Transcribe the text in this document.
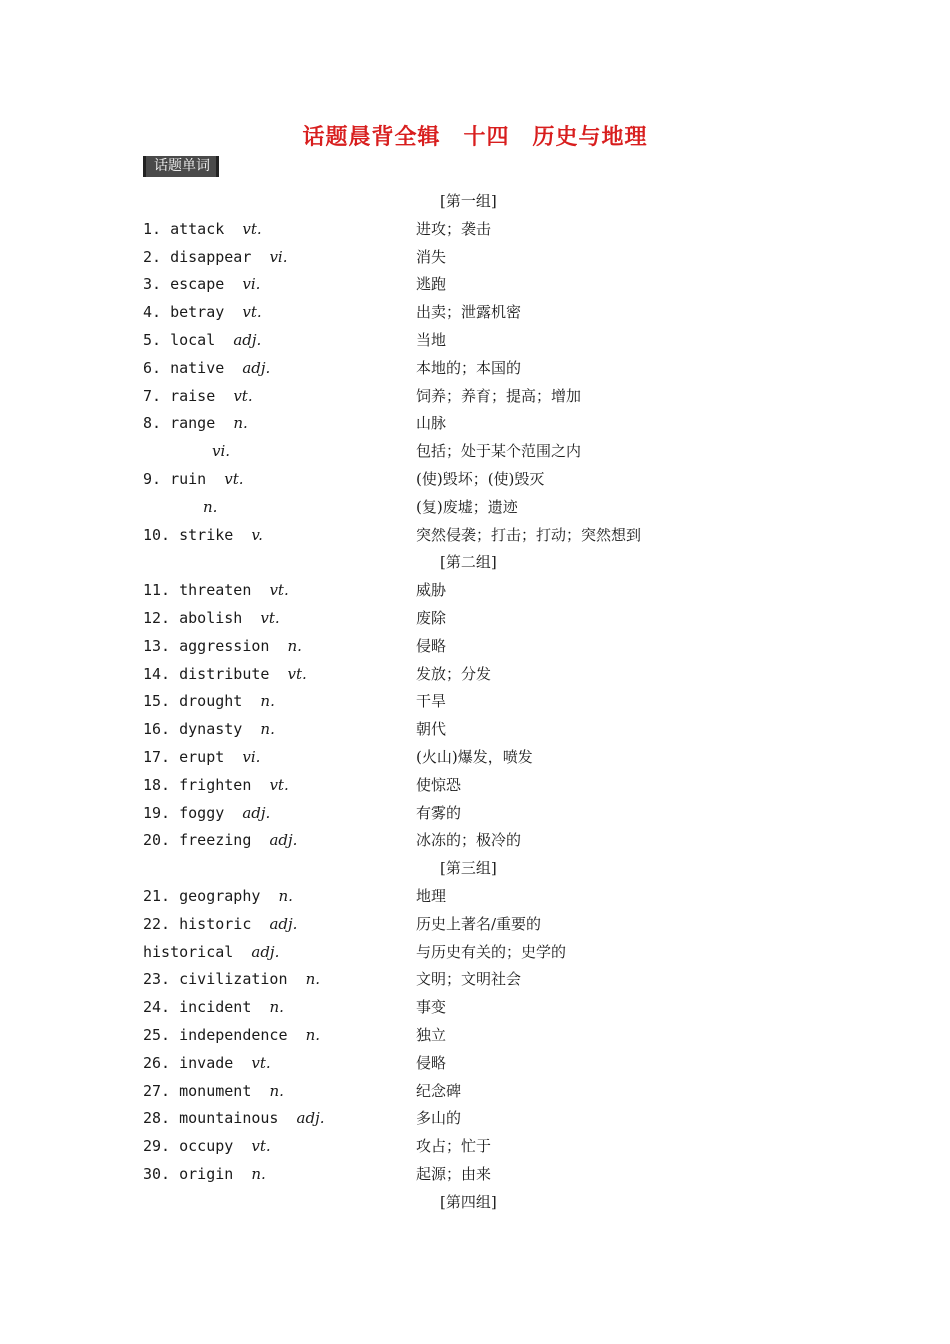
话题晨背全辑　十四　历史与地理
话题单词
[第一组]
1. attack vt.	进攻；袭击
2. disappear vi.	消失
3. escape vi.	逃跑
4. betray vt.	出卖；泄露机密
5. local adj.	当地
6. native adj.	本地的；本国的
7. raise vt.	饲养；养育；提高；增加
8. range n.	山脉
vi.	包括；处于某个范围之内
9. ruin vt.	(使)毁坏；(使)毁灭
n.	(复)废墟；遗迹
10. strike v.	突然侵袭；打击；打动；突然想到
[第二组]
11. threaten vt.	威胁
12. abolish vt.	废除
13. aggression n.	侵略
14. distribute vt.	发放；分发
15. drought n.	干旱
16. dynasty n.	朝代
17. erupt vi.	(火山)爆发，喷发
18. frighten vt.	使惊恐
19. foggy adj.	有雾的
20. freezing adj.	冰冻的；极冷的
[第三组]
21. geography n.	地理
22. historic adj.	历史上著名/重要的
historical adj.	与历史有关的；史学的
23. civilization n.	文明；文明社会
24. incident n.	事变
25. independence n.	独立
26. invade vt.	侵略
27. monument n.	纪念碑
28. mountainous adj.	多山的
29. occupy vt.	攻占；忙于
30. origin n.	起源；由来
[第四组]
